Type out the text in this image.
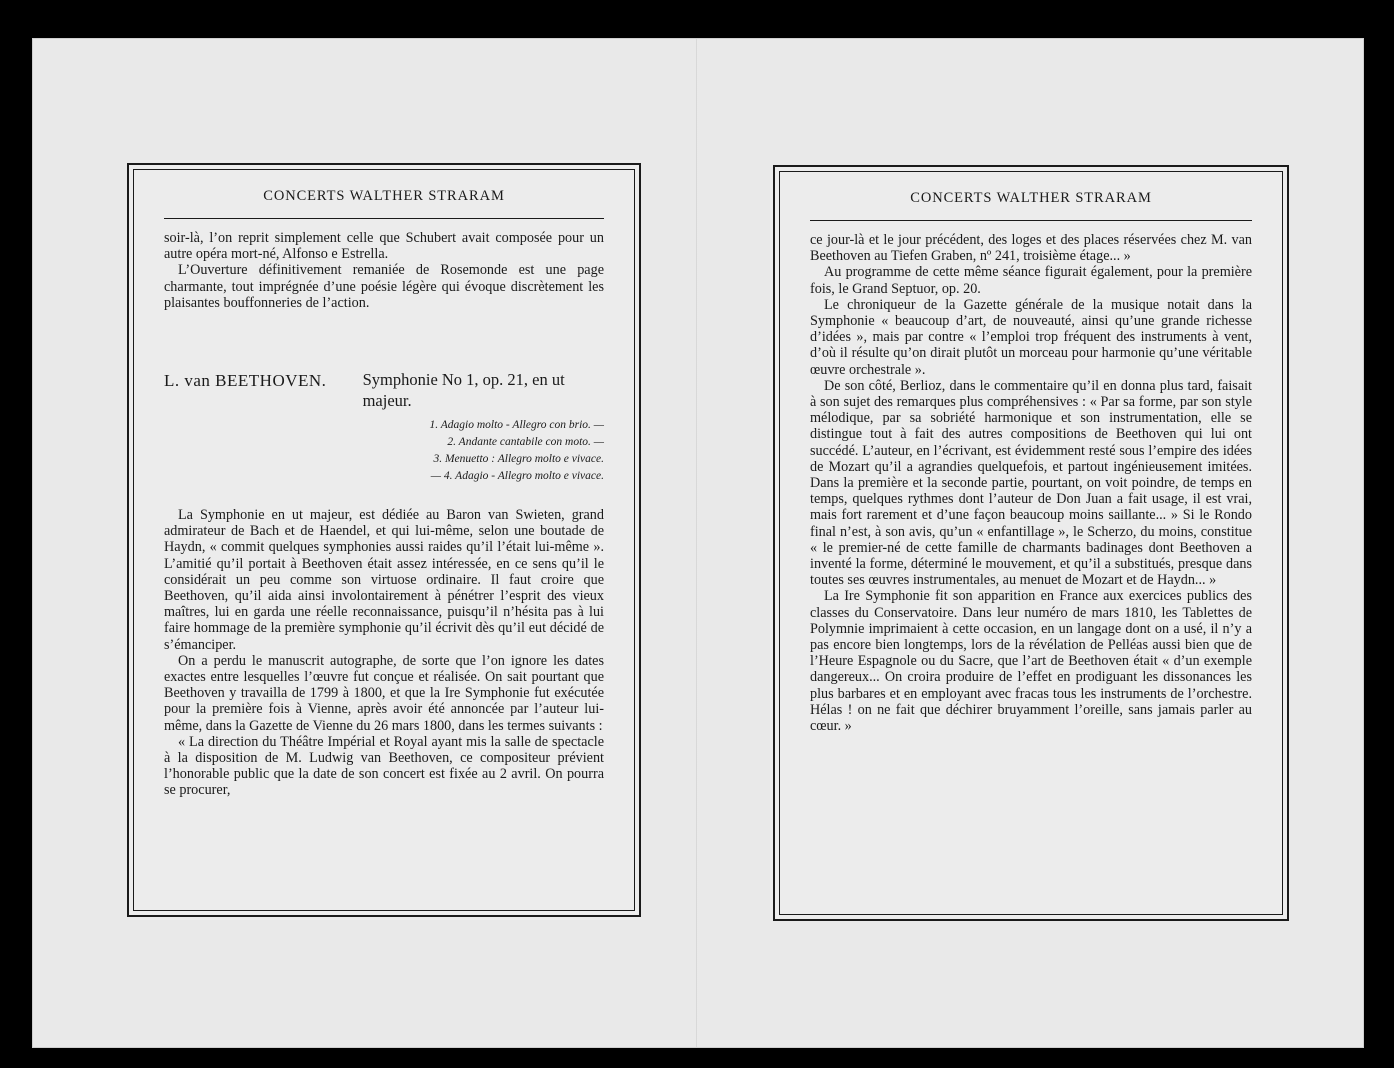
CONCERTS WALTHER STRARAM

soir-là, l’on reprit simplement celle que Schubert avait composée pour un autre opéra mort-né, Alfonso e Estrella.

L’Ouverture définitivement remaniée de Rosemonde est une page charmante, tout imprégnée d’une poésie légère qui évoque discrètement les plaisantes bouffonneries de l’action.

L. van BEETHOVEN.	Symphonie No 1, op. 21, en ut majeur.
1. Adagio molto - Allegro con brio. —
2. Andante cantabile con moto. —
3. Menuetto : Allegro molto e vivace.
— 4. Adagio - Allegro molto e vivace.

La Symphonie en ut majeur, est dédiée au Baron van Swieten, grand admirateur de Bach et de Haendel, et qui lui-même, selon une boutade de Haydn, « commit quelques symphonies aussi raides qu’il l’était lui-même ». L’amitié qu’il portait à Beethoven était assez intéressée, en ce sens qu’il le considérait un peu comme son virtuose ordinaire. Il faut croire que Beethoven, qu’il aida ainsi involontairement à pénétrer l’esprit des vieux maîtres, lui en garda une réelle reconnaissance, puisqu’il n’hésita pas à lui faire hommage de la première symphonie qu’il écrivit dès qu’il eut décidé de s’émanciper.

On a perdu le manuscrit autographe, de sorte que l’on ignore les dates exactes entre lesquelles l’œuvre fut conçue et réalisée. On sait pourtant que Beethoven y travailla de 1799 à 1800, et que la Ire Symphonie fut exécutée pour la première fois à Vienne, après avoir été annoncée par l’auteur lui-même, dans la Gazette de Vienne du 26 mars 1800, dans les termes suivants :

« La direction du Théâtre Impérial et Royal ayant mis la salle de spectacle à la disposition de M. Ludwig van Beethoven, ce compositeur prévient l’honorable public que la date de son concert est fixée au 2 avril. On pourra se procurer,

CONCERTS WALTHER STRARAM

ce jour-là et le jour précédent, des loges et des places réservées chez M. van Beethoven au Tiefen Graben, nº 241, troisième étage... »

Au programme de cette même séance figurait également, pour la première fois, le Grand Septuor, op. 20.

Le chroniqueur de la Gazette générale de la musique notait dans la Symphonie « beaucoup d’art, de nouveauté, ainsi qu’une grande richesse d’idées », mais par contre « l’emploi trop fréquent des instruments à vent, d’où il résulte qu’on dirait plutôt un morceau pour harmonie qu’une véritable œuvre orchestrale ».

De son côté, Berlioz, dans le commentaire qu’il en donna plus tard, faisait à son sujet des remarques plus compréhensives : « Par sa forme, par son style mélodique, par sa sobriété harmonique et son instrumentation, elle se distingue tout à fait des autres compositions de Beethoven qui lui ont succédé. L’auteur, en l’écrivant, est évidemment resté sous l’empire des idées de Mozart qu’il a agrandies quelquefois, et partout ingénieusement imitées. Dans la première et la seconde partie, pourtant, on voit poindre, de temps en temps, quelques rythmes dont l’auteur de Don Juan a fait usage, il est vrai, mais fort rarement et d’une façon beaucoup moins saillante... » Si le Rondo final n’est, à son avis, qu’un « enfantillage », le Scherzo, du moins, constitue « le premier-né de cette famille de charmants badinages dont Beethoven a inventé la forme, déterminé le mouvement, et qu’il a substitués, presque dans toutes ses œuvres instrumentales, au menuet de Mozart et de Haydn... »

La Ire Symphonie fit son apparition en France aux exercices publics des classes du Conservatoire. Dans leur numéro de mars 1810, les Tablettes de Polymnie imprimaient à cette occasion, en un langage dont on a usé, il n’y a pas encore bien longtemps, lors de la révélation de Pelléas aussi bien que de l’Heure Espagnole ou du Sacre, que l’art de Beethoven était « d’un exemple dangereux... On croira produire de l’effet en prodiguant les dissonances les plus barbares et en employant avec fracas tous les instruments de l’orchestre. Hélas ! on ne fait que déchirer bruyamment l’oreille, sans jamais parler au cœur. »
